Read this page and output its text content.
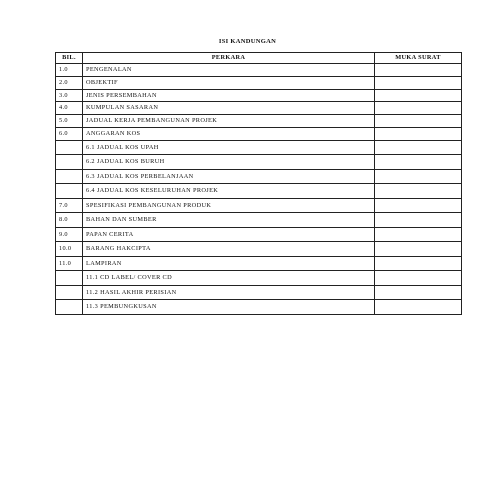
ISI KANDUNGAN
BIL.	PERKARA	MUKA SURAT
1.0	PENGENALAN	
2.0	OBJEKTIF	
3.0	JENIS PERSEMBAHAN	
4.0	KUMPULAN SASARAN	
5.0	JADUAL KERJA PEMBANGUNAN PROJEK	
6.0	ANGGARAN KOS	
	6.1 JADUAL KOS UPAH	
	6.2 JADUAL KOS BURUH	
	6.3 JADUAL KOS PERBELANJAAN	
	6.4 JADUAL KOS KESELURUHAN PROJEK	
7.0	SPESIFIKASI PEMBANGUNAN PRODUK	
8.0	BAHAN DAN SUMBER	
9.0	PAPAN CERITA	
10.0	BARANG HAKCIPTA	
11.0	LAMPIRAN	
	11.1 CD LABEL/ COVER CD	
	11.2 HASIL AKHIR PERISIAN	
	11.3 PEMBUNGKUSAN	
